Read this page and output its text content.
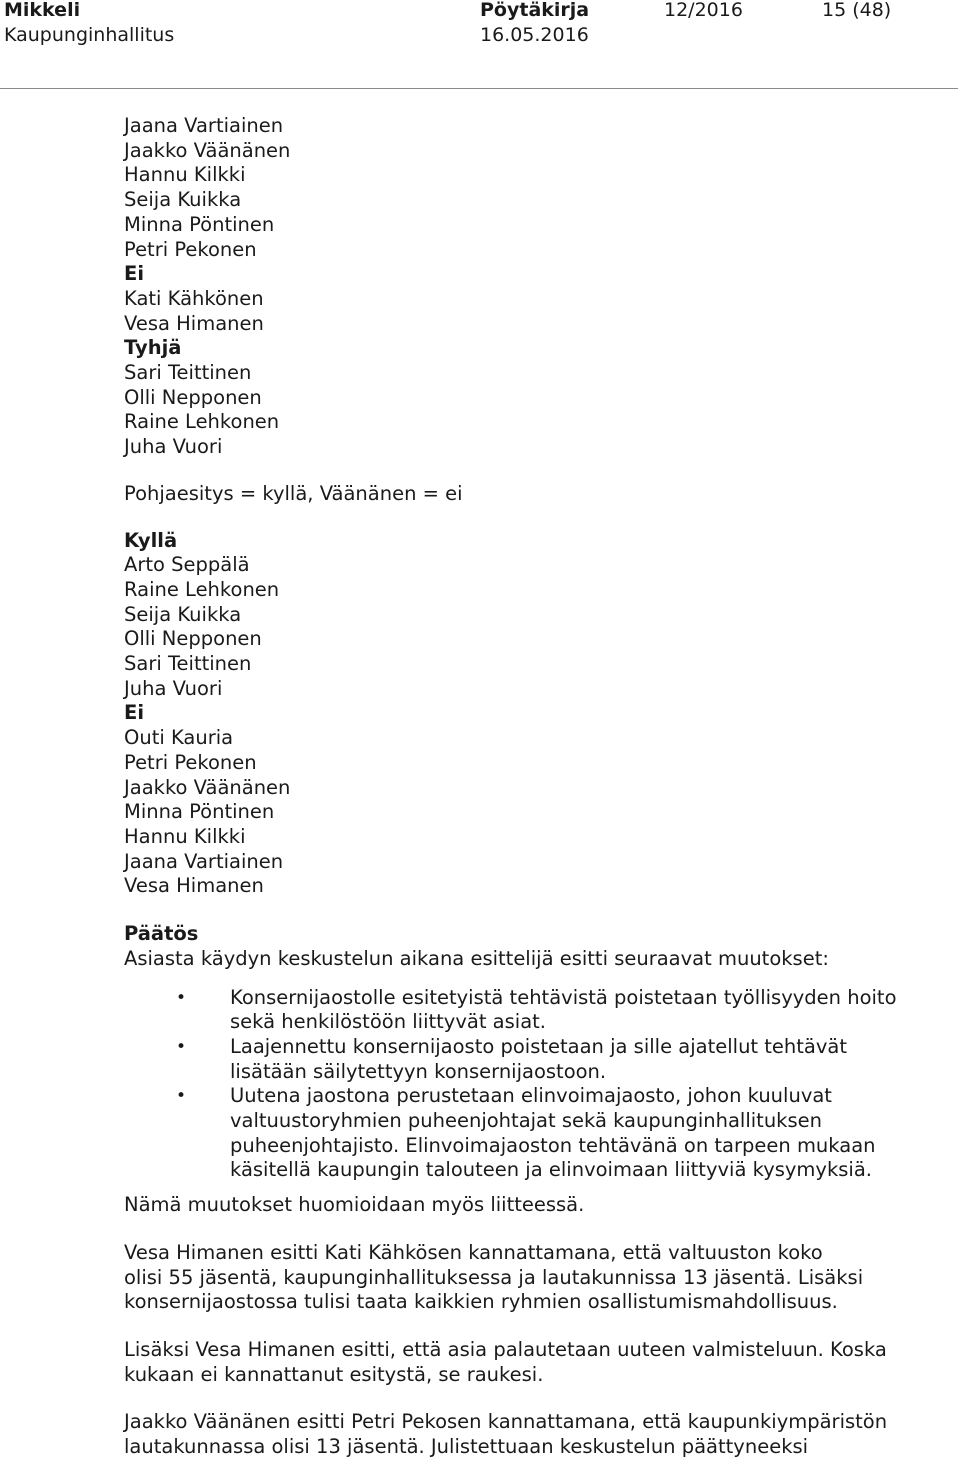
Mikkeli	Pöytäkirja	12/2016	15 (48)
Kaupunginhallitus	16.05.2016
Jaana Vartiainen
Jaakko Väänänen
Hannu Kilkki
Seija Kuikka
Minna Pöntinen
Petri Pekonen
Ei
Kati Kähkönen
Vesa Himanen
Tyhjä
Sari Teittinen
Olli Nepponen
Raine Lehkonen
Juha Vuori
Pohjaesitys = kyllä, Väänänen = ei
Kyllä
Arto Seppälä
Raine Lehkonen
Seija Kuikka
Olli Nepponen
Sari Teittinen
Juha Vuori
Ei
Outi Kauria
Petri Pekonen
Jaakko Väänänen
Minna Pöntinen
Hannu Kilkki
Jaana Vartiainen
Vesa Himanen
Päätös
Asiasta käydyn keskustelun aikana esittelijä esitti seuraavat muutokset:
• Konsernijaostolle esitetyistä tehtävistä poistetaan työllisyyden hoito sekä henkilöstöön liittyvät asiat.
• Laajennettu konsernijaosto poistetaan ja sille ajatellut tehtävät lisätään säilytettyyn konsernijaostoon.
• Uutena jaostona perustetaan elinvoimajaosto, johon kuuluvat valtuustoryhmien puheenjohtajat sekä kaupunginhallituksen puheenjohtajisto. Elinvoimajaoston tehtävänä on tarpeen mukaan käsitellä kaupungin talouteen ja elinvoimaan liittyviä kysymyksiä.
Nämä muutokset huomioidaan myös liitteessä.
Vesa Himanen esitti Kati Kähkösen kannattamana, että valtuuston koko
olisi 55 jäsentä, kaupunginhallituksessa ja lautakunnissa 13 jäsentä. Lisäksi
konsernijaostossa tulisi taata kaikkien ryhmien osallistumismahdollisuus.
Lisäksi Vesa Himanen esitti, että asia palautetaan uuteen valmisteluun. Koska
kukaan ei kannattanut esitystä, se raukesi.
Jaakko Väänänen esitti Petri Pekosen kannattamana, että kaupunkiympäristön
lautakunnassa olisi 13 jäsentä. Julistettuaan keskustelun päättyneeksi
